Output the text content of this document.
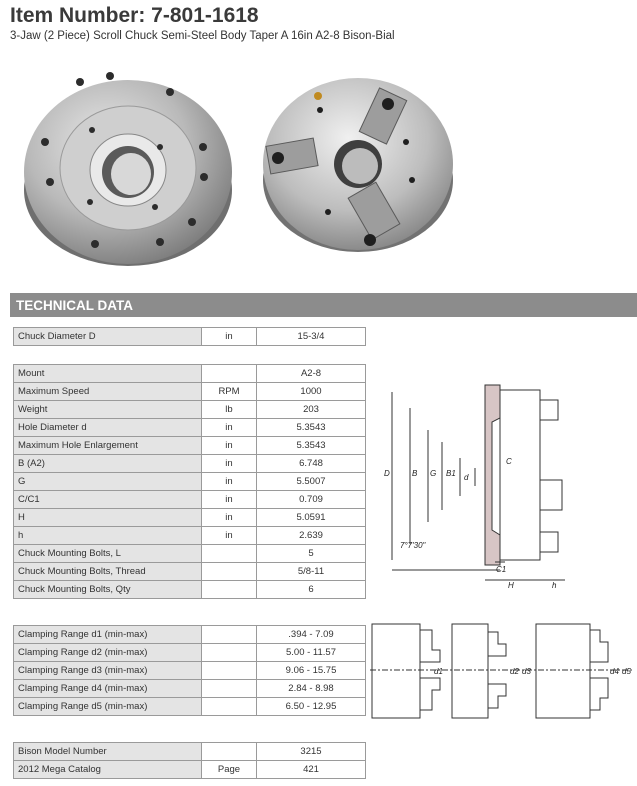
Item Number: 7-801-1618
3-Jaw (2 Piece) Scroll Chuck Semi-Steel Body Taper A 16in A2-8 Bison-Bial
TECHNICAL DATA
Chuck Diameter D	in	15-3/4
Mount		A2-8
Maximum Speed	RPM	1000
Weight	lb	203
Hole Diameter d	in	5.3543
Maximum Hole Enlargement	in	5.3543
B (A2)	in	6.748
G	in	5.5007
C/C1	in	0.709
H	in	5.0591
h	in	2.639
Chuck Mounting Bolts, L		5
Chuck Mounting Bolts, Thread		5/8-11
Chuck Mounting Bolts, Qty		6
Clamping Range d1 (min-max)		.394 - 7.09
Clamping Range d2 (min-max)		5.00 - 11.57
Clamping Range d3 (min-max)		9.06 - 15.75
Clamping Range d4 (min-max)		2.84 - 8.98
Clamping Range d5 (min-max)		6.50 - 12.95
Bison Model Number		3215
2012 Mega Catalog	Page	421
D	B G B1 d
C
7°7'30"
C1
H	h
d1	d2 d3	d4 d5
